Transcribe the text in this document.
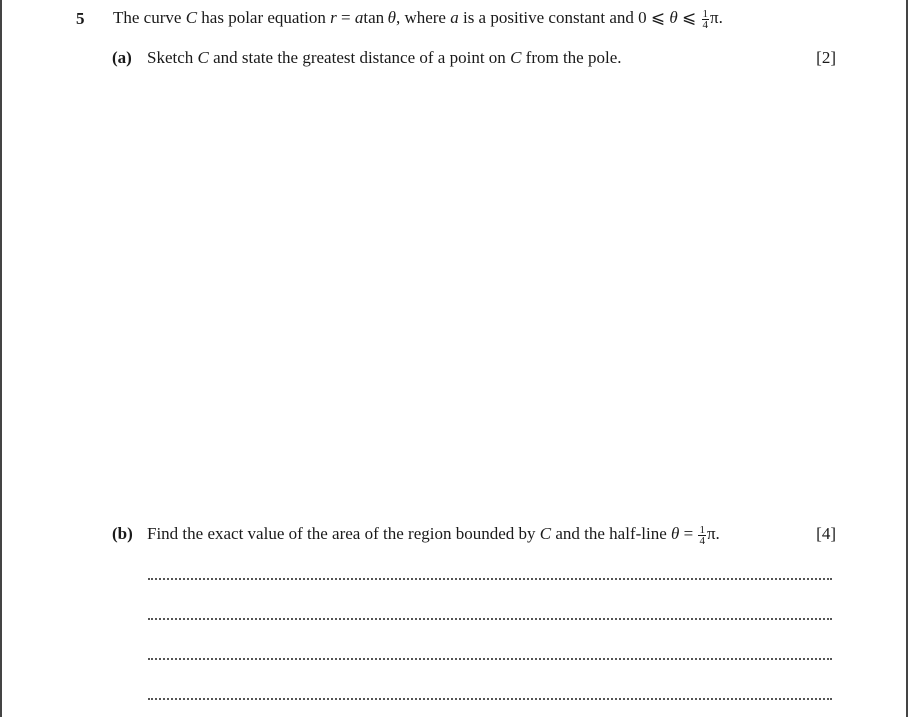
5 The curve C has polar equation r = atan  θ, where a is a positive constant and 0 ⩽ θ ⩽ $\frac{1}{4} \pi$.
(a) Sketch C and state the greatest distance of a point on C from the pole.	[2]
(b) Find the exact value of the area of the region bounded by C and the half-line $\theta = \frac{1}{4} \pi$.	[4]
